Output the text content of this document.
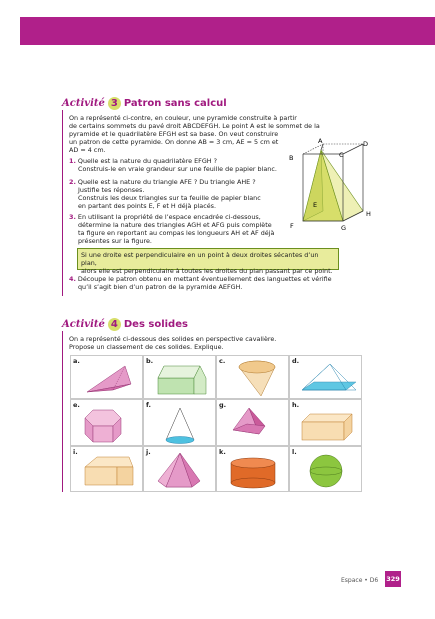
Activité 3 Patron sans calcul
On a représenté ci-contre, en couleur, une pyramide construite à partir
de certains sommets du pavé droit ABCDEFGH. Le point A est le sommet de la
pyramide et le quadrilatère EFGH est sa base. On veut construire
un patron de cette pyramide. On donne AB = 3 cm, AE = 5 cm et
AD = 4 cm.
1. Quelle est la nature du quadrilatère EFGH ?
Construis-le en vraie grandeur sur une feuille de papier blanc.
2. Quelle est la nature du triangle AFE ? Du triangle AHE ?
Justifie tes réponses.
Construis les deux triangles sur ta feuille de papier blanc
en partant des points E, F et H déjà placés.
3. En utilisant la propriété de l’espace encadrée ci-dessous,
détermine la nature des triangles AGH et AFG puis complète
ta figure en reportant au compas les longueurs AH et AF déjà
présentes sur la figure.
Si une droite est perpendiculaire en un point à deux droites sécantes d’un plan,
alors elle est perpendiculaire à toutes les droites du plan passant par ce point.
4. Découpe le patron obtenu en mettant éventuellement des languettes et vérifie
qu’il s’agit bien d’un patron de la pyramide AEFGH.
A
B	C
D
E
F	G
H
Activité 4 Des solides
On a représenté ci-dessous des solides en perspective cavalière.
Propose un classement de ces solides. Explique.
a.	b.	c.	d.
e.	f.	g.	h.
i.	j.	k.	l.
Espace • D6 329
